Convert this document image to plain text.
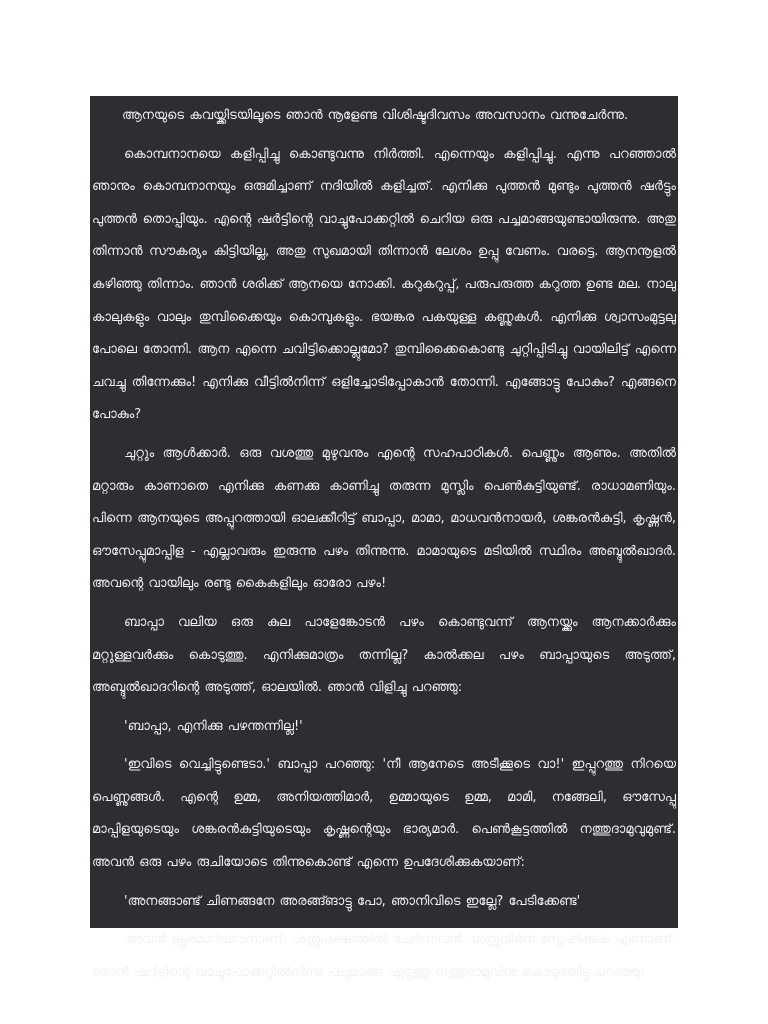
ആനയുടെ കവയ്ക്കിടയിലൂടെ ഞാൻ നൂളേണ്ട വിശിഷ്ടദിവസം അവസാനം വന്നുചേർന്നു.

കൊമ്പനാനയെ കളിപ്പിച്ചു കൊണ്ടുവന്നു നിർത്തി. എന്നെയും കളിപ്പിച്ചു. എന്നു പറഞ്ഞാൽ ഞാനും കൊമ്പനാനയും ഒരുമിച്ചാണ് നദിയിൽ കളിച്ചത്. എനിക്കു പുത്തൻ മുണ്ടും പുത്തൻ ഷർട്ടും പുത്തൻ തൊപ്പിയും. എന്റെ ഷർട്ടിന്റെ വാച്ചുപോക്കറ്റിൽ ചെറിയ ഒരു പച്ചമാങ്ങയുണ്ടായിരുന്നു. അതു തിന്നാൻ സൗകര്യം കിട്ടിയില്ല, അതു സുഖമായി തിന്നാൻ ലേശം ഉപ്പു വേണം. വരട്ടെ. ആനനൂളൽ കഴിഞ്ഞു തിന്നാം. ഞാൻ ശരിക്ക് ആനയെ നോക്കി. കറുകറുപ്പ്, പരുപരുത്ത കറുത്ത ഉണ്ട മല. നാലു കാലുകളും വാലും തുമ്പിക്കൈയും കൊമ്പുകളും. ഭയങ്കര പകയുള്ള കണ്ണുകൾ. എനിക്കു ശ്വാസംമുട്ടലു പോലെ തോന്നി. ആന എന്നെ ചവിട്ടിക്കൊല്ലുമോ? തുമ്പിക്കൈകൊണ്ടു ചുറ്റിപ്പിടിച്ചു വായിലിട്ട് എന്നെ ചവച്ചു തിന്നേക്കും! എനിക്കു വീട്ടിൽനിന്ന് ഒളിച്ചോടിപ്പോകാൻ തോന്നി. എങ്ങോട്ടു പോകും? എങ്ങനെ പോകും?

ചുറ്റും ആൾക്കാർ. ഒരു വശത്തു മുഴുവനും എന്റെ സഹപാഠികൾ. പെണ്ണും ആണും. അതിൽ മറ്റാരും കാണാതെ എനിക്കു കണക്കു കാണിച്ചു തരുന്ന മുസ്ലിം പെൺകുട്ടിയുണ്ട്. രാധാമണിയും. പിന്നെ ആനയുടെ അപ്പുറത്തായി ഓലക്കീറിട്ട് ബാപ്പാ, മാമാ, മാധവൻനായർ, ശങ്കരൻകുട്ടി, കൃഷ്ണൻ, ഔസേപ്പുമാപ്പിള - എല്ലാവരും ഇരുന്നു പഴം തിന്നുന്നു. മാമായുടെ മടിയിൽ സ്ഥിരം അബ്ദുൽഖാദർ. അവന്റെ വായിലും രണ്ടു കൈകളിലും ഓരോ പഴം!

ബാപ്പാ വലിയ ഒരു കുല പാളേങ്കോടൻ പഴം കൊണ്ടുവന്ന് ആനയ്ക്കും ആനക്കാർക്കും മറ്റുള്ളവർക്കും കൊടുത്തു. എനിക്കുമാത്രം തന്നില്ല? കാൽക്കല പഴം ബാപ്പായുടെ അടുത്ത്, അബ്ദുൽഖാദറിന്റെ അടുത്ത്, ഓലയിൽ. ഞാൻ വിളിച്ചു പറഞ്ഞു:

'ബാപ്പാ, എനിക്കു പഴന്തന്നില്ല!'

'ഇവിടെ വെച്ചിട്ടുണ്ടെടാ.' ബാപ്പാ പറഞ്ഞു: 'നീ ആനേടെ അടീക്കൂടെ വാ!' ഇപ്പുറത്തു നിറയെ പെണ്ണുങ്ങൾ. എന്റെ ഉമ്മ, അനിയത്തിമാർ, ഉമ്മായുടെ ഉമ്മ, മാമി, നങ്ങേലി, ഔസേപ്പു മാപ്പിളയുടെയും ശങ്കരൻകുട്ടിയുടെയും കൃഷ്ണന്റെയും ഭാര്യമാർ. പെൺകൂട്ടത്തിൽ നത്തുദാമുവുമുണ്ട്. അവൻ ഒരു പഴം രുചിയോടെ തിന്നുകൊണ്ട് എന്നെ ഉപദേശിക്കുകയാണ്:

'അനങ്ങാണ്ട് ചിണങ്ങനേ അരങ്ങ്ങാട്ടു പോ, ഞാനിവിടെ ഇല്ലേ? പേടിക്കേണ്ട'

അവൻ ക്രൂരമാറിയവനാണ്. ശത്രുപക്ഷത്തിൽ ചേർന്നവൻ. ശത്രുവിനെ സ്നേഹിക്കുക എന്നാണ്. ഞാൻ ഷർട്ടിന്റെ വാച്ചുപോക്കറ്റിൽനിന്നു പച്ചമാങ്ങ എടുത്തു നത്തുദാമുവിനു കൊടുത്തിട്ടു പറഞ്ഞു:
